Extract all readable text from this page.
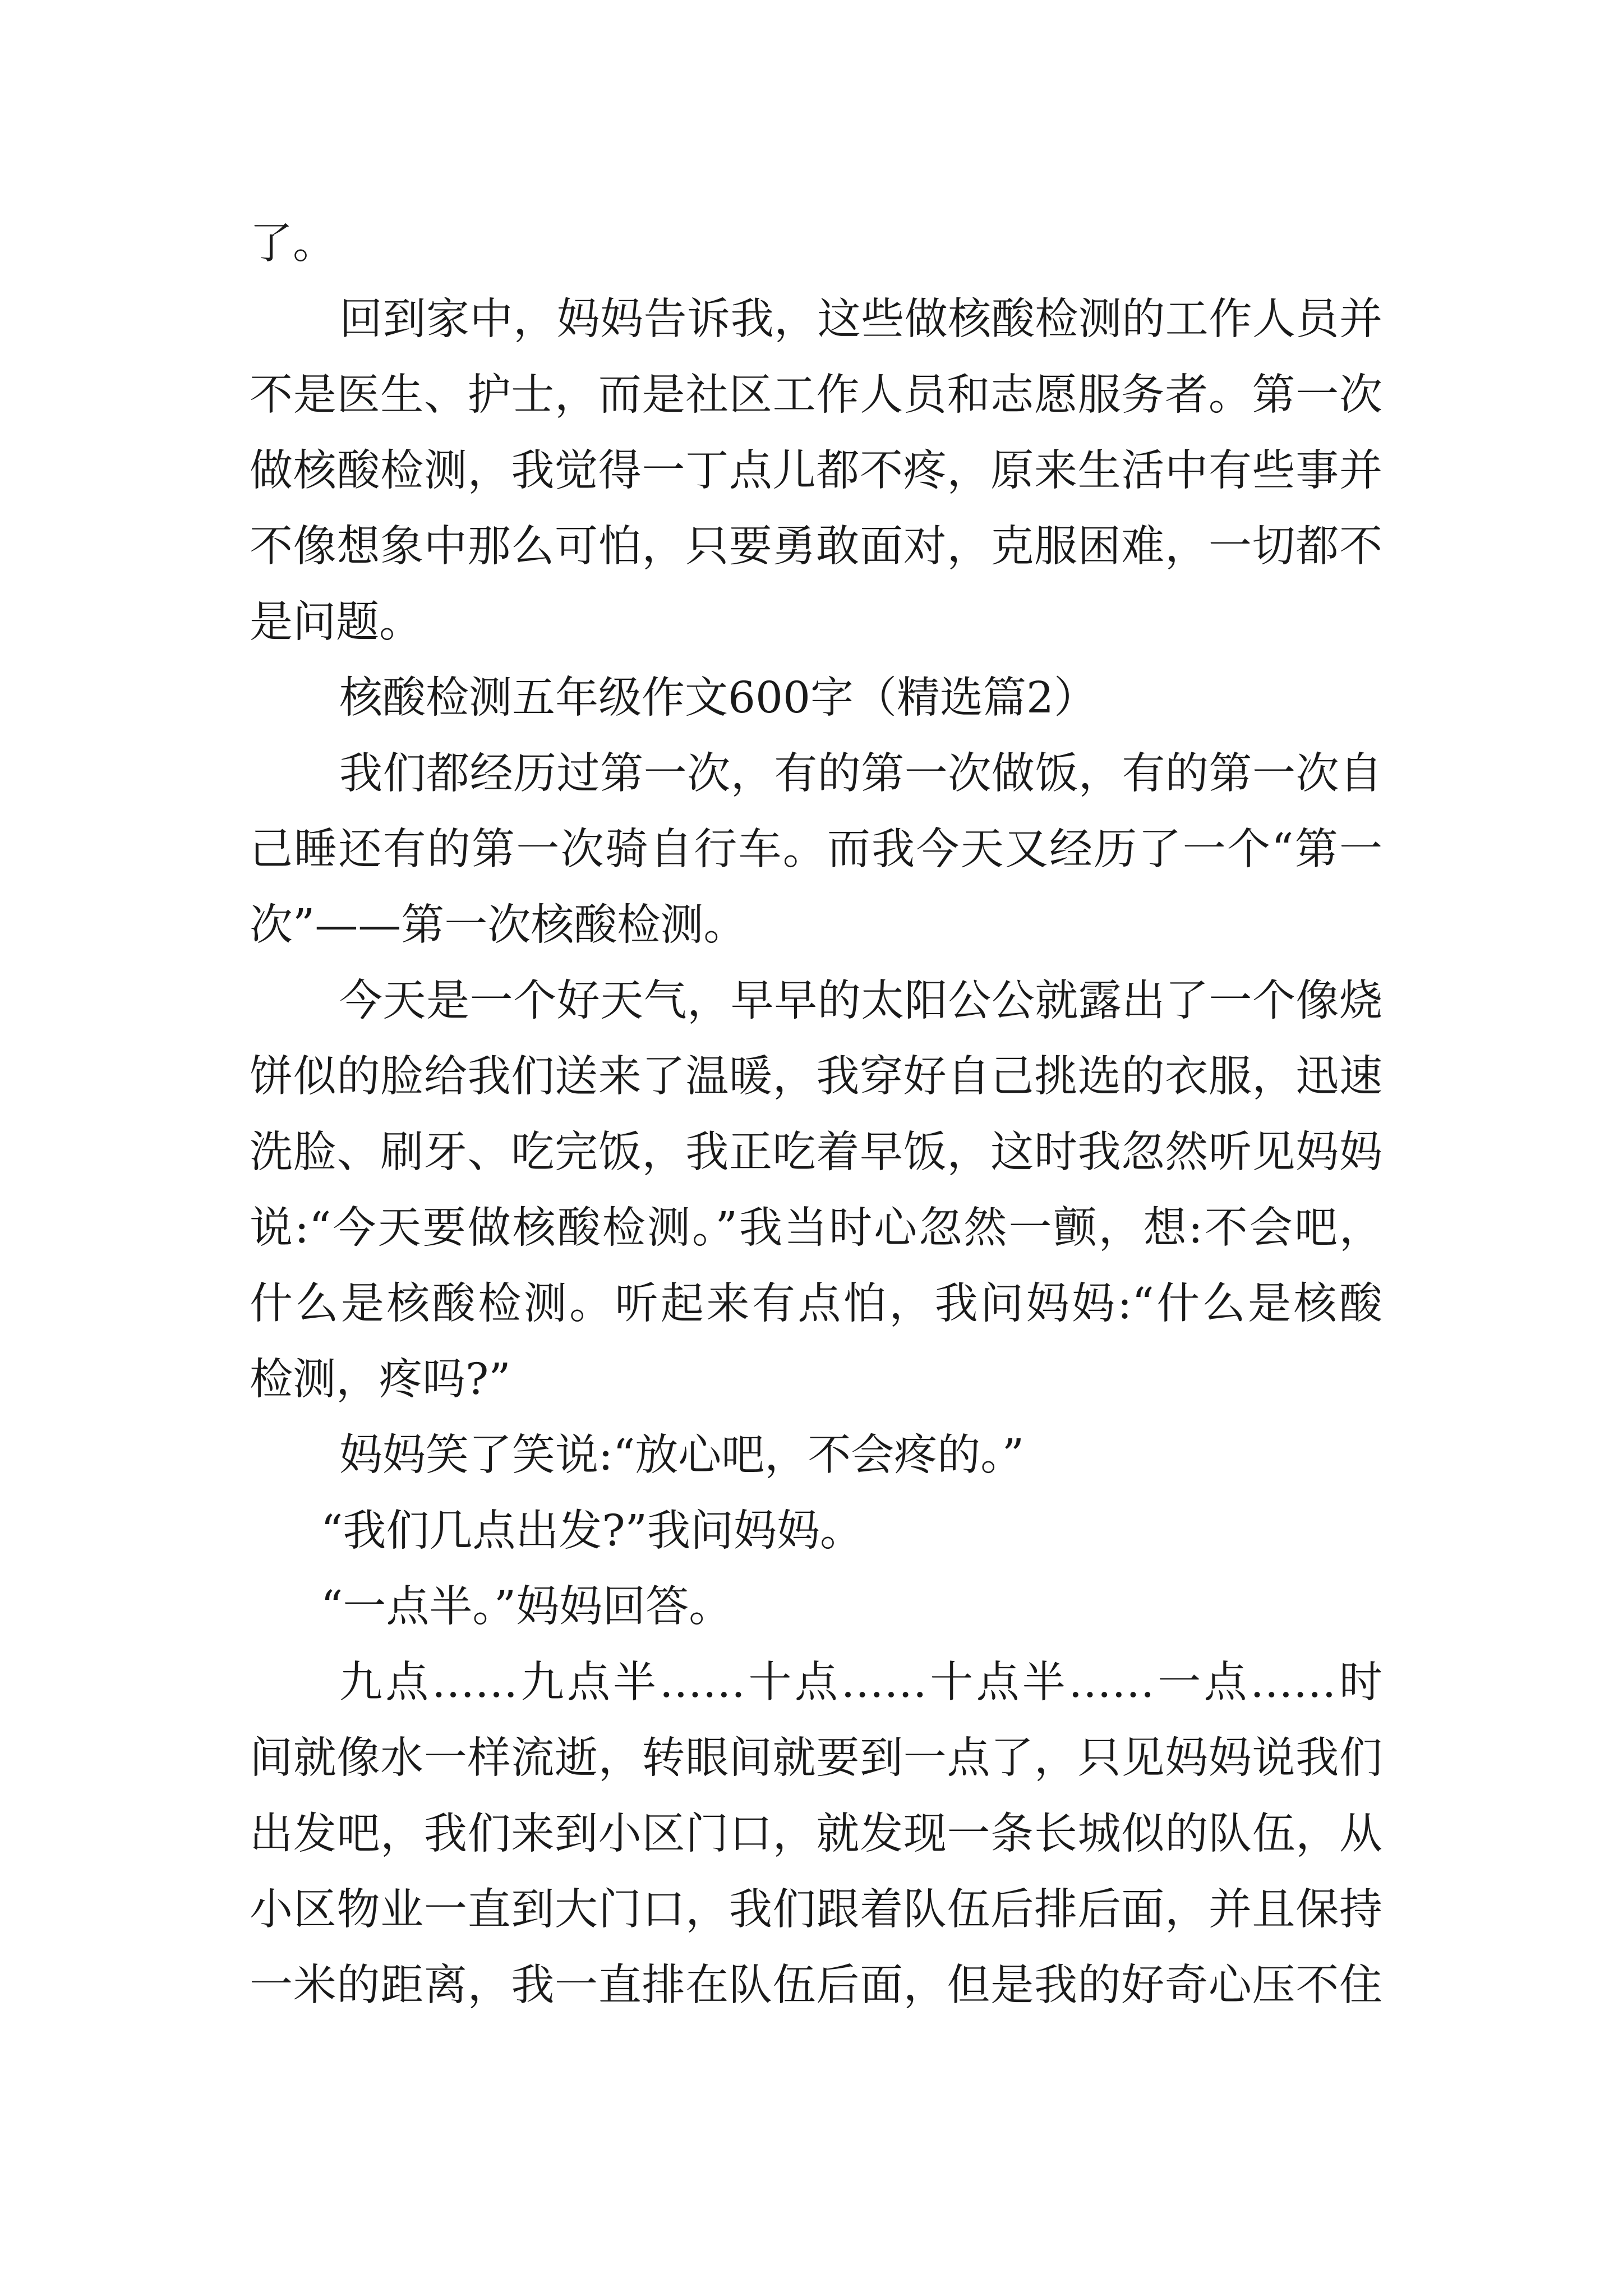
了。
回到家中，妈妈告诉我，这些做核酸检测的工作人员并
不是医生、护士，而是社区工作人员和志愿服务者。第一次
做核酸检测，我觉得一丁点儿都不疼，原来生活中有些事并
不像想象中那么可怕，只要勇敢面对，克服困难，一切都不
是问题。
核酸检测五年级作文600字（精选篇2）
我们都经历过第一次，有的第一次做饭，有的第一次自
己睡还有的第一次骑自行车。而我今天又经历了一个“第一
次”——第一次核酸检测。
今天是一个好天气，早早的太阳公公就露出了一个像烧
饼似的脸给我们送来了温暖，我穿好自己挑选的衣服，迅速
洗脸、刷牙、吃完饭，我正吃着早饭，这时我忽然听见妈妈
说:“今天要做核酸检测。”我当时心忽然一颤，想:不会吧，
什么是核酸检测。听起来有点怕，我问妈妈:“什么是核酸
检测，疼吗?”
妈妈笑了笑说:“放心吧，不会疼的。”
“我们几点出发?”我问妈妈。
“一点半。”妈妈回答。
九点……九点半……十点……十点半……一点……时
间就像水一样流逝，转眼间就要到一点了，只见妈妈说我们
出发吧，我们来到小区门口，就发现一条长城似的队伍，从
小区物业一直到大门口，我们跟着队伍后排后面，并且保持
一米的距离，我一直排在队伍后面，但是我的好奇心压不住
